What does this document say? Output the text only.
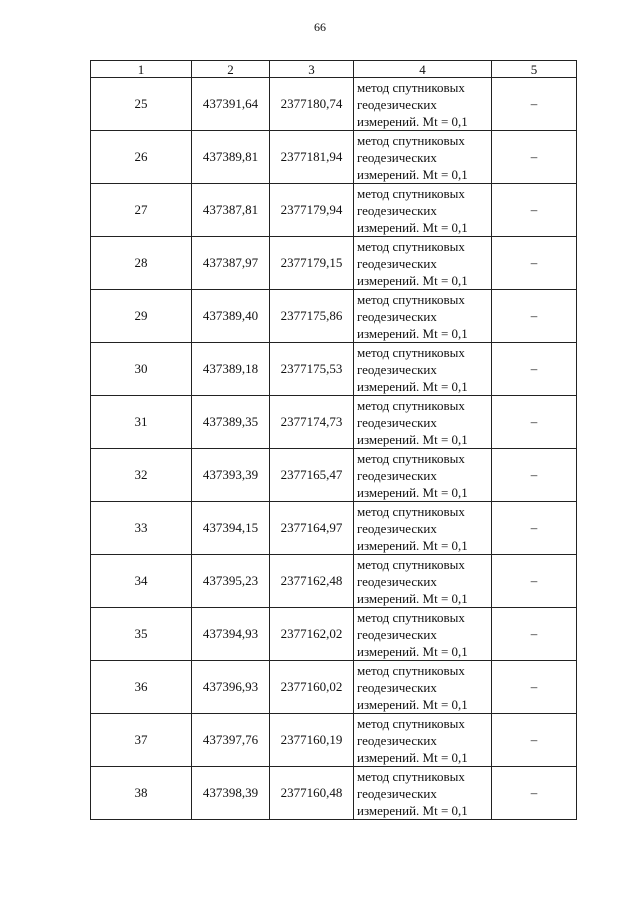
66
1	2	3	4	5
25	437391,64	2377180,74	метод спутниковых
геодезических
измерений. Mt = 0,1	–
26	437389,81	2377181,94	метод спутниковых
геодезических
измерений. Mt = 0,1	–
27	437387,81	2377179,94	метод спутниковых
геодезических
измерений. Mt = 0,1	–
28	437387,97	2377179,15	метод спутниковых
геодезических
измерений. Mt = 0,1	–
29	437389,40	2377175,86	метод спутниковых
геодезических
измерений. Mt = 0,1	–
30	437389,18	2377175,53	метод спутниковых
геодезических
измерений. Mt = 0,1	–
31	437389,35	2377174,73	метод спутниковых
геодезических
измерений. Mt = 0,1	–
32	437393,39	2377165,47	метод спутниковых
геодезических
измерений. Mt = 0,1	–
33	437394,15	2377164,97	метод спутниковых
геодезических
измерений. Mt = 0,1	–
34	437395,23	2377162,48	метод спутниковых
геодезических
измерений. Mt = 0,1	–
35	437394,93	2377162,02	метод спутниковых
геодезических
измерений. Mt = 0,1	–
36	437396,93	2377160,02	метод спутниковых
геодезических
измерений. Mt = 0,1	–
37	437397,76	2377160,19	метод спутниковых
геодезических
измерений. Mt = 0,1	–
38	437398,39	2377160,48	метод спутниковых
геодезических
измерений. Mt = 0,1	–
